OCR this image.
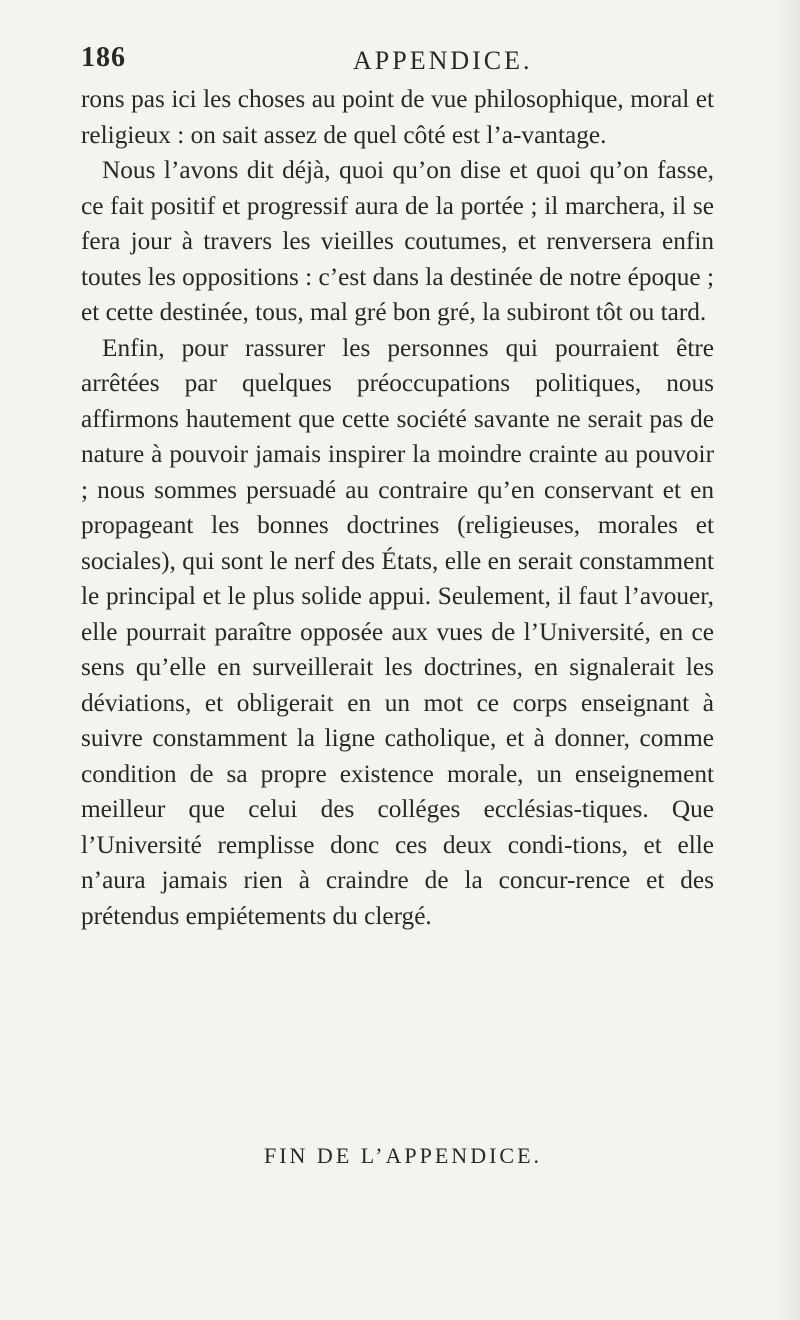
186	APPENDICE.

rons pas ici les choses au point de vue philosophique, moral et religieux : on sait assez de quel côté est l’a-vantage.

Nous l’avons dit déjà, quoi qu’on dise et quoi qu’on fasse, ce fait positif et progressif aura de la portée ; il marchera, il se fera jour à travers les vieilles coutumes, et renversera enfin toutes les oppositions : c’est dans la destinée de notre époque ; et cette destinée, tous, mal gré bon gré, la subiront tôt ou tard.

Enfin, pour rassurer les personnes qui pourraient être arrêtées par quelques préoccupations politiques, nous affirmons hautement que cette société savante ne serait pas de nature à pouvoir jamais inspirer la moindre crainte au pouvoir ; nous sommes persuadé au contraire qu’en conservant et en propageant les bonnes doctrines (religieuses, morales et sociales), qui sont le nerf des États, elle en serait constamment le principal et le plus solide appui. Seulement, il faut l’avouer, elle pourrait paraître opposée aux vues de l’Université, en ce sens qu’elle en surveillerait les doctrines, en signalerait les déviations, et obligerait en un mot ce corps enseignant à suivre constamment la ligne catholique, et à donner, comme condition de sa propre existence morale, un enseignement meilleur que celui des colléges ecclésias-tiques. Que l’Université remplisse donc ces deux condi-tions, et elle n’aura jamais rien à craindre de la concur-rence et des prétendus empiétements du clergé.

FIN DE L’APPENDICE.
